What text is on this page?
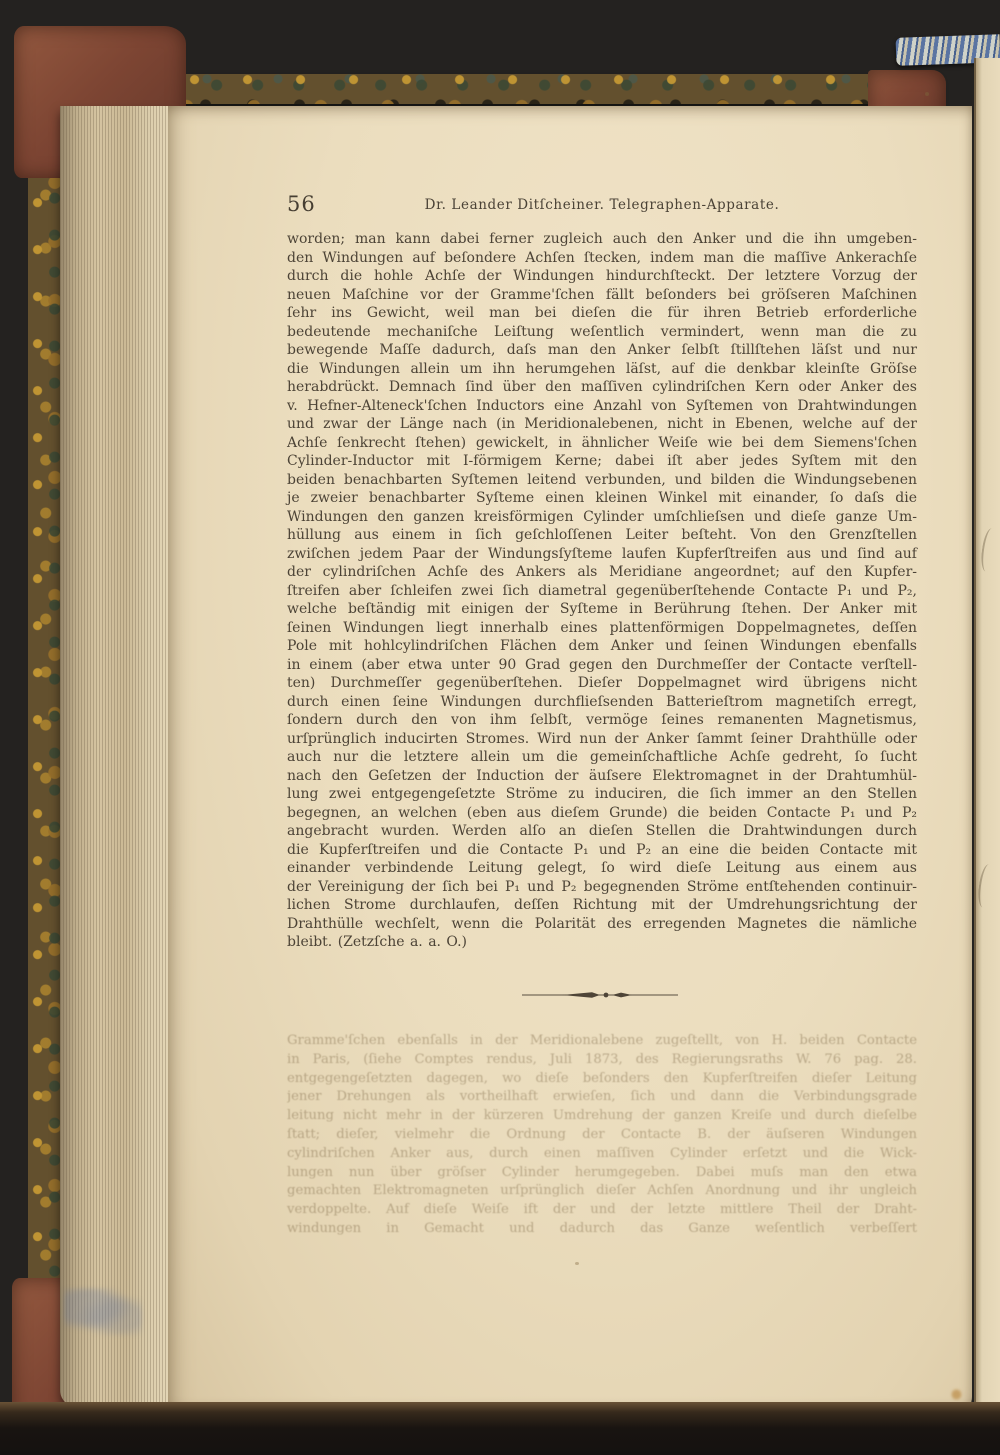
56	Dr. Leander Ditſcheiner. Telegraphen-Apparate.
worden; man kann dabei ferner zugleich auch den Anker und die ihn umgeben-
den Windungen auf beſondere Achſen ſtecken, indem man die maſſive Ankerachſe
durch die hohle Achſe der Windungen hindurchſteckt. Der letztere Vorzug der
neuen Maſchine vor der Gramme'ſchen fällt beſonders bei gröſseren Maſchinen
ſehr ins Gewicht, weil man bei dieſen die für ihren Betrieb erforderliche
bedeutende mechaniſche Leiſtung weſentlich vermindert, wenn man die zu
bewegende Maſſe dadurch, daſs man den Anker ſelbſt ſtillſtehen läſst und nur
die Windungen allein um ihn herumgehen läſst, auf die denkbar kleinſte Gröſse
herabdrückt. Demnach ſind über den maſſiven cylindriſchen Kern oder Anker des
v. Hefner-Alteneck'ſchen Inductors eine Anzahl von Syſtemen von Drahtwindungen
und zwar der Länge nach (in Meridionalebenen, nicht in Ebenen, welche auf der
Achſe ſenkrecht ſtehen) gewickelt, in ähnlicher Weiſe wie bei dem Siemens'ſchen
Cylinder-Inductor mit I-förmigem Kerne; dabei iſt aber jedes Syſtem mit den
beiden benachbarten Syſtemen leitend verbunden, und bilden die Windungsebenen
je zweier benachbarter Syſteme einen kleinen Winkel mit einander, ſo daſs die
Windungen den ganzen kreisförmigen Cylinder umſchlieſsen und dieſe ganze Um-
hüllung aus einem in ſich geſchloſſenen Leiter beſteht. Von den Grenzſtellen
zwiſchen jedem Paar der Windungsſyſteme laufen Kupferſtreifen aus und ſind auf
der cylindriſchen Achſe des Ankers als Meridiane angeordnet; auf den Kupfer-
ſtreifen aber ſchleifen zwei ſich diametral gegenüberſtehende Contacte P₁ und P₂,
welche beſtändig mit einigen der Syſteme in Berührung ſtehen. Der Anker mit
ſeinen Windungen liegt innerhalb eines plattenförmigen Doppelmagnetes, deſſen
Pole mit hohlcylindriſchen Flächen dem Anker und ſeinen Windungen ebenfalls
in einem (aber etwa unter 90 Grad gegen den Durchmeſſer der Contacte verſtell-
ten) Durchmeſſer gegenüberſtehen. Dieſer Doppelmagnet wird übrigens nicht
durch einen ſeine Windungen durchflieſsenden Batterieſtrom magnetiſch erregt,
ſondern durch den von ihm ſelbſt, vermöge ſeines remanenten Magnetismus,
urſprünglich inducirten Stromes. Wird nun der Anker ſammt ſeiner Drahthülle oder
auch nur die letztere allein um die gemeinſchaftliche Achſe gedreht, ſo ſucht
nach den Geſetzen der Induction der äuſsere Elektromagnet in der Drahtumhül-
lung zwei entgegengeſetzte Ströme zu induciren, die ſich immer an den Stellen
begegnen, an welchen (eben aus dieſem Grunde) die beiden Contacte P₁ und P₂
angebracht wurden. Werden alſo an dieſen Stellen die Drahtwindungen durch
die Kupferſtreifen und die Contacte P₁ und P₂ an eine die beiden Contacte mit
einander verbindende Leitung gelegt, ſo wird dieſe Leitung aus einem aus
der Vereinigung der ſich bei P₁ und P₂ begegnenden Ströme entſtehenden continuir-
lichen Strome durchlaufen, deſſen Richtung mit der Umdrehungsrichtung der
Drahthülle wechſelt, wenn die Polarität des erregenden Magnetes die nämliche
bleibt. (Zetzſche a. a. O.)
Gramme'ſchen ebenſalls in der Meridionalebene zugeſtellt, von H. beiden Contacte
in Paris, (ſiehe Comptes rendus, Juli 1873, des Regierungsraths W. 76 pag. 28.
entgegengeſetzten dagegen, wo dieſe beſonders den Kupferſtreifen dieſer Leitung
jener Drehungen als vortheilhaft erwieſen, ſich und dann die Verbindungsgrade
leitung nicht mehr in der kürzeren Umdrehung der ganzen Kreiſe und durch dieſelbe
ſtatt; dieſer, vielmehr die Ordnung der Contacte B. der äuſseren Windungen
cylindriſchen Anker aus, durch einen maſſiven Cylinder erſetzt und die Wick-
lungen nun über gröſser Cylinder herumgegeben. Dabei muſs man den etwa
gemachten Elektromagneten urſprünglich dieſer Achſen Anordnung und ihr ungleich
verdoppelte. Auf dieſe Weiſe ift der und der letzte mittlere Theil der Draht-
windungen in Gemacht und dadurch das Ganze weſentlich verbeſſert
